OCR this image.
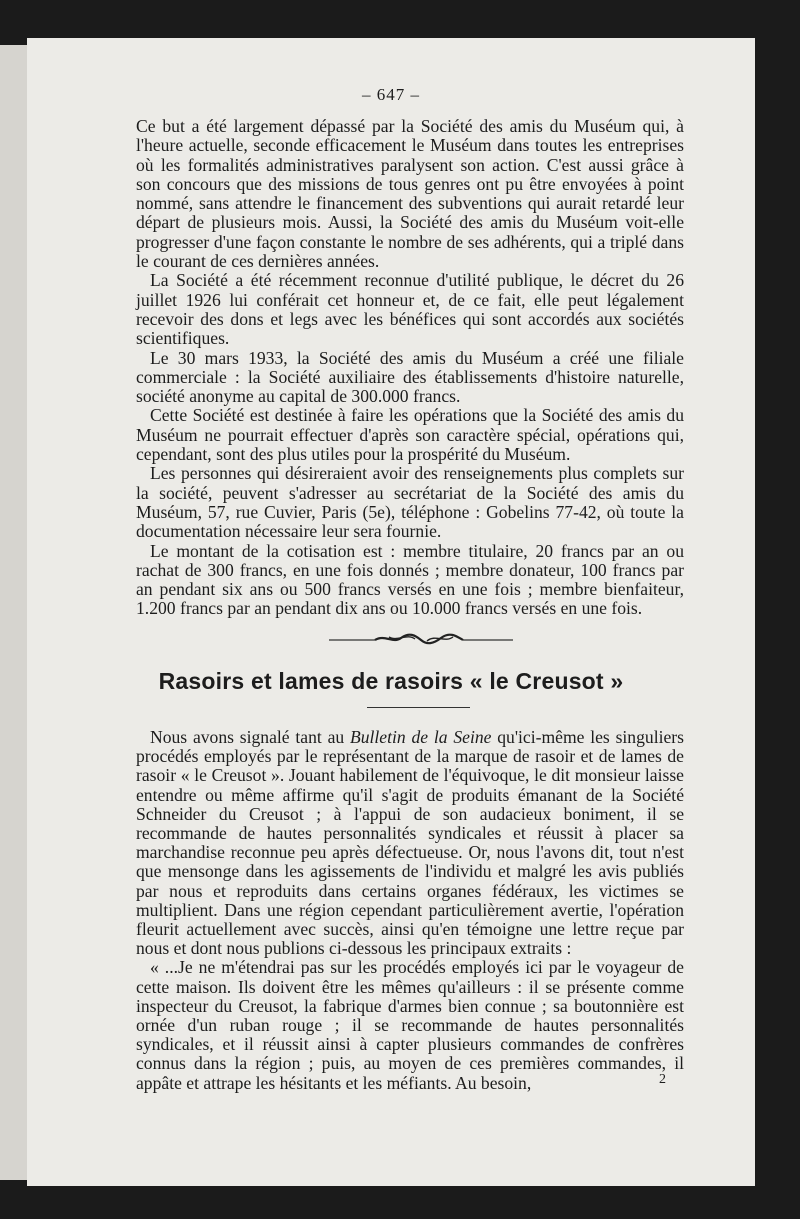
– 647 –

Ce but a été largement dépassé par la Société des amis du Muséum qui, à l'heure actuelle, seconde efficacement le Muséum dans toutes les entreprises où les formalités administratives paralysent son action. C'est aussi grâce à son concours que des missions de tous genres ont pu être envoyées à point nommé, sans attendre le financement des subventions qui aurait retardé leur départ de plusieurs mois. Aussi, la Société des amis du Muséum voit-elle progresser d'une façon constante le nombre de ses adhérents, qui a triplé dans le courant de ces dernières années.

La Société a été récemment reconnue d'utilité publique, le décret du 26 juillet 1926 lui conférait cet honneur et, de ce fait, elle peut légalement recevoir des dons et legs avec les bénéfices qui sont accordés aux sociétés scientifiques.

Le 30 mars 1933, la Société des amis du Muséum a créé une filiale commerciale : la Société auxiliaire des établissements d'histoire naturelle, société anonyme au capital de 300.000 francs.

Cette Société est destinée à faire les opérations que la Société des amis du Muséum ne pourrait effectuer d'après son caractère spécial, opérations qui, cependant, sont des plus utiles pour la prospérité du Muséum.

Les personnes qui désireraient avoir des renseignements plus complets sur la société, peuvent s'adresser au secrétariat de la Société des amis du Muséum, 57, rue Cuvier, Paris (5e), téléphone : Gobelins 77-42, où toute la documentation nécessaire leur sera fournie.

Le montant de la cotisation est : membre titulaire, 20 francs par an ou rachat de 300 francs, en une fois donnés ; membre donateur, 100 francs par an pendant six ans ou 500 francs versés en une fois ; membre bienfaiteur, 1.200 francs par an pendant dix ans ou 10.000 francs versés en une fois.

Rasoirs et lames de rasoirs « le Creusot »

Nous avons signalé tant au Bulletin de la Seine qu'ici-même les singuliers procédés employés par le représentant de la marque de rasoir et de lames de rasoir « le Creusot ». Jouant habilement de l'équivoque, le dit monsieur laisse entendre ou même affirme qu'il s'agit de produits émanant de la Société Schneider du Creusot ; à l'appui de son audacieux boniment, il se recommande de hautes personnalités syndicales et réussit à placer sa marchandise reconnue peu après défectueuse. Or, nous l'avons dit, tout n'est que mensonge dans les agissements de l'individu et malgré les avis publiés par nous et reproduits dans certains organes fédéraux, les victimes se multiplient. Dans une région cependant particulièrement avertie, l'opération fleurit actuellement avec succès, ainsi qu'en témoigne une lettre reçue par nous et dont nous publions ci-dessous les principaux extraits :

« ...Je ne m'étendrai pas sur les procédés employés ici par le voyageur de cette maison. Ils doivent être les mêmes qu'ailleurs : il se présente comme inspecteur du Creusot, la fabrique d'armes bien connue ; sa boutonnière est ornée d'un ruban rouge ; il se recommande de hautes personnalités syndicales, et il réussit ainsi à capter plusieurs commandes de confrères connus dans la région ; puis, au moyen de ces premières commandes, il appâte et attrape les hésitants et les méfiants. Au besoin,	2
